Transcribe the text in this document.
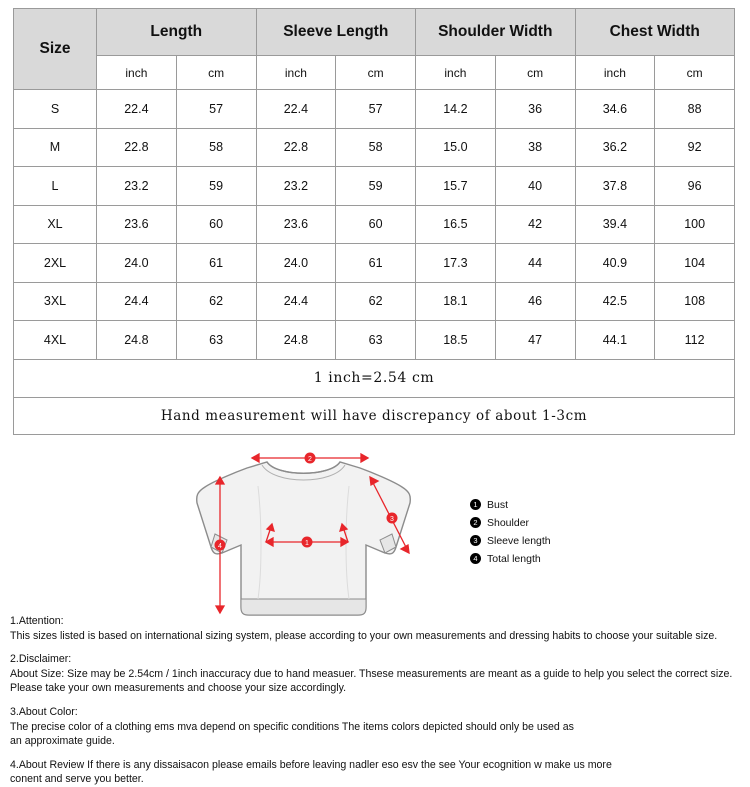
Size	Length		Sleeve Length		Shoulder Width		Chest Width	
	inch	cm	inch	cm	inch	cm	inch	cm
S	22.4	57	22.4	57	14.2	36	34.6	88
M	22.8	58	22.8	58	15.0	38	36.2	92
L	23.2	59	23.2	59	15.7	40	37.8	96
XL	23.6	60	23.6	60	16.5	42	39.4	100
2XL	24.0	61	24.0	61	17.3	44	40.9	104
3XL	24.4	62	24.4	62	18.1	46	42.5	108
4XL	24.8	63	24.8	63	18.5	47	44.1	112
1 inch=2.54 cm								
Hand measurement will have discrepancy of about 1-3cm								
2
4	1
3
1 Bust
2 Shoulder
3 Sleeve length
4 Total length

1.Attention:

This sizes listed is based on international sizing system, please according to your own measurements and dressing habits to choose your suitable size.

2.Disclaimer:

About Size: Size may be 2.54cm / 1inch inaccuracy due to hand measuer. Thsese measurements are meant as a guide to help you select the correct size.

Please take your own measurements and choose your size accordingly.

3.About Color:

The precise color of a clothing ems mva depend on specific conditions The items colors depicted should only be used as

an approximate guide.

4.About Review If there is any dissaisacon please emails before leaving nadler eso esv the see Your ecognition w make us more

conent and serve you better.
